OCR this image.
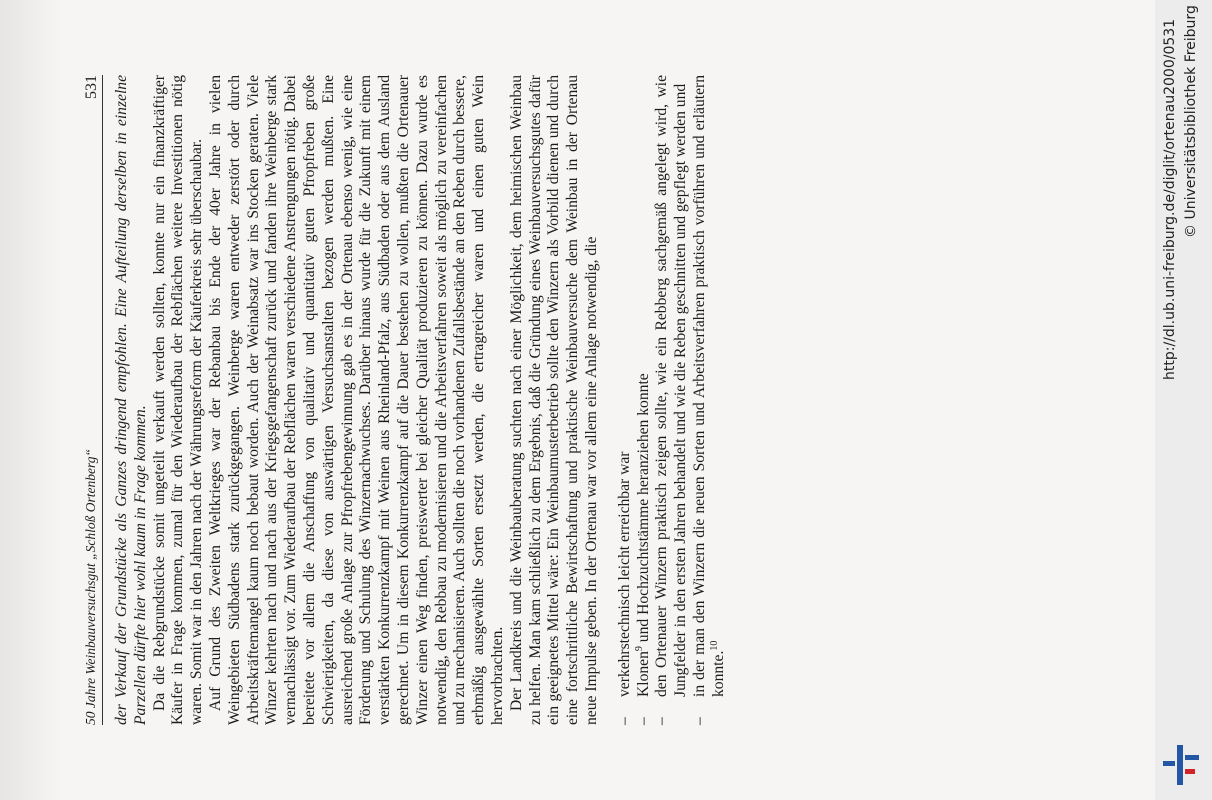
50 Jahre Weinbauversuchsgut „Schloß Ortenberg“
531 der Verkauf der Grundstücke als Ganzes dringend empfohlen. Eine Aufteilung derselben in einzelne Parzellen dürfte hier wohl kaum in Frage kommen. Da die Rebgrundstücke somit ungeteilt verkauft werden sollten, konnte nur ein finanzkräftiger Käufer in Frage kommen, zumal für den Wiederaufbau der Rebflächen weitere Investitionen nötig waren. Somit war in den Jahren nach der Währungsreform der Käuferkreis sehr überschaubar. Auf Grund des Zweiten Weltkrieges war der Rebanbau bis Ende der 40er Jahre in vielen Weingebieten Südbadens stark zurückgegangen. Weinberge waren entweder zerstört oder durch Arbeitskräftemangel kaum noch bebaut worden. Auch der Weinabsatz war ins Stocken geraten. Viele Winzer kehrten nach und nach aus der Kriegsgefangenschaft zurück und fanden ihre Weinberge stark vernachlässigt vor. Zum Wiederaufbau der Rebflächen waren verschiedene Anstrengungen nötig. Dabei bereitete vor allem die Anschaffung von qualitativ und quantitativ guten Pfropfreben große Schwierigkeiten, da diese von auswärtigen Versuchsanstalten bezogen werden mußten. Eine ausreichend große Anlage zur Pfropfrebengewinnung gab es in der Ortenau ebenso wenig, wie eine Förderung und Schulung des Winzernachwuchses. Darüber hinaus wurde für die Zukunft mit einem verstärkten Konkurrenzkampf mit Weinen aus Rheinland-Pfalz, aus Südbaden oder aus dem Ausland gerechnet. Um in diesem Konkurrenzkampf auf die Dauer bestehen zu wollen, mußten die Ortenauer Winzer einen Weg finden, preiswerter bei gleicher Qualität produzieren zu können. Dazu wurde es notwendig, den Rebbau zu modernisieren und die Arbeitsverfahren soweit als möglich zu vereinfachen und zu mechanisieren. Auch sollten die noch vorhandenen Zufallsbestände an den Reben durch bessere, erbmäßig ausgewählte Sorten ersetzt werden, die ertragreicher waren und einen guten Wein hervorbrachten. Der Landkreis und die Weinbauberatung suchten nach einer Möglichkeit, dem heimischen Weinbau zu helfen. Man kam schließlich zu dem Ergebnis, daß die Gründung eines Weinbauversuchsgutes dafür ein geeignetes Mittel wäre: Ein Weinbaumusterbetrieb sollte den Winzern als Vorbild dienen und durch eine fortschrittliche Bewirtschaftung und praktische Weinbauversuche dem Weinbau in der Ortenau neue Impulse geben. In der Ortenau war vor allem eine Anlage notwendig, die – verkehrstechnisch leicht erreichbar war – Klonen$^9$ und Hochzuchtstämme heranziehen konnte – den Ortenauer Winzern praktisch zeigen sollte, wie ein Rebberg sachgemäß angelegt wird, wie Jungfelder in den ersten Jahren behandelt und wie die Reben geschnitten und gepflegt werden und – in der man den Winzern die neuen Sorten und Arbeitsverfahren praktisch vorführen und erläutern konnte.$^{10}$
http://dl.ub.uni-freiburg.de/diglit/ortenau2000/0531 © Universitätsbibliothek Freiburg
